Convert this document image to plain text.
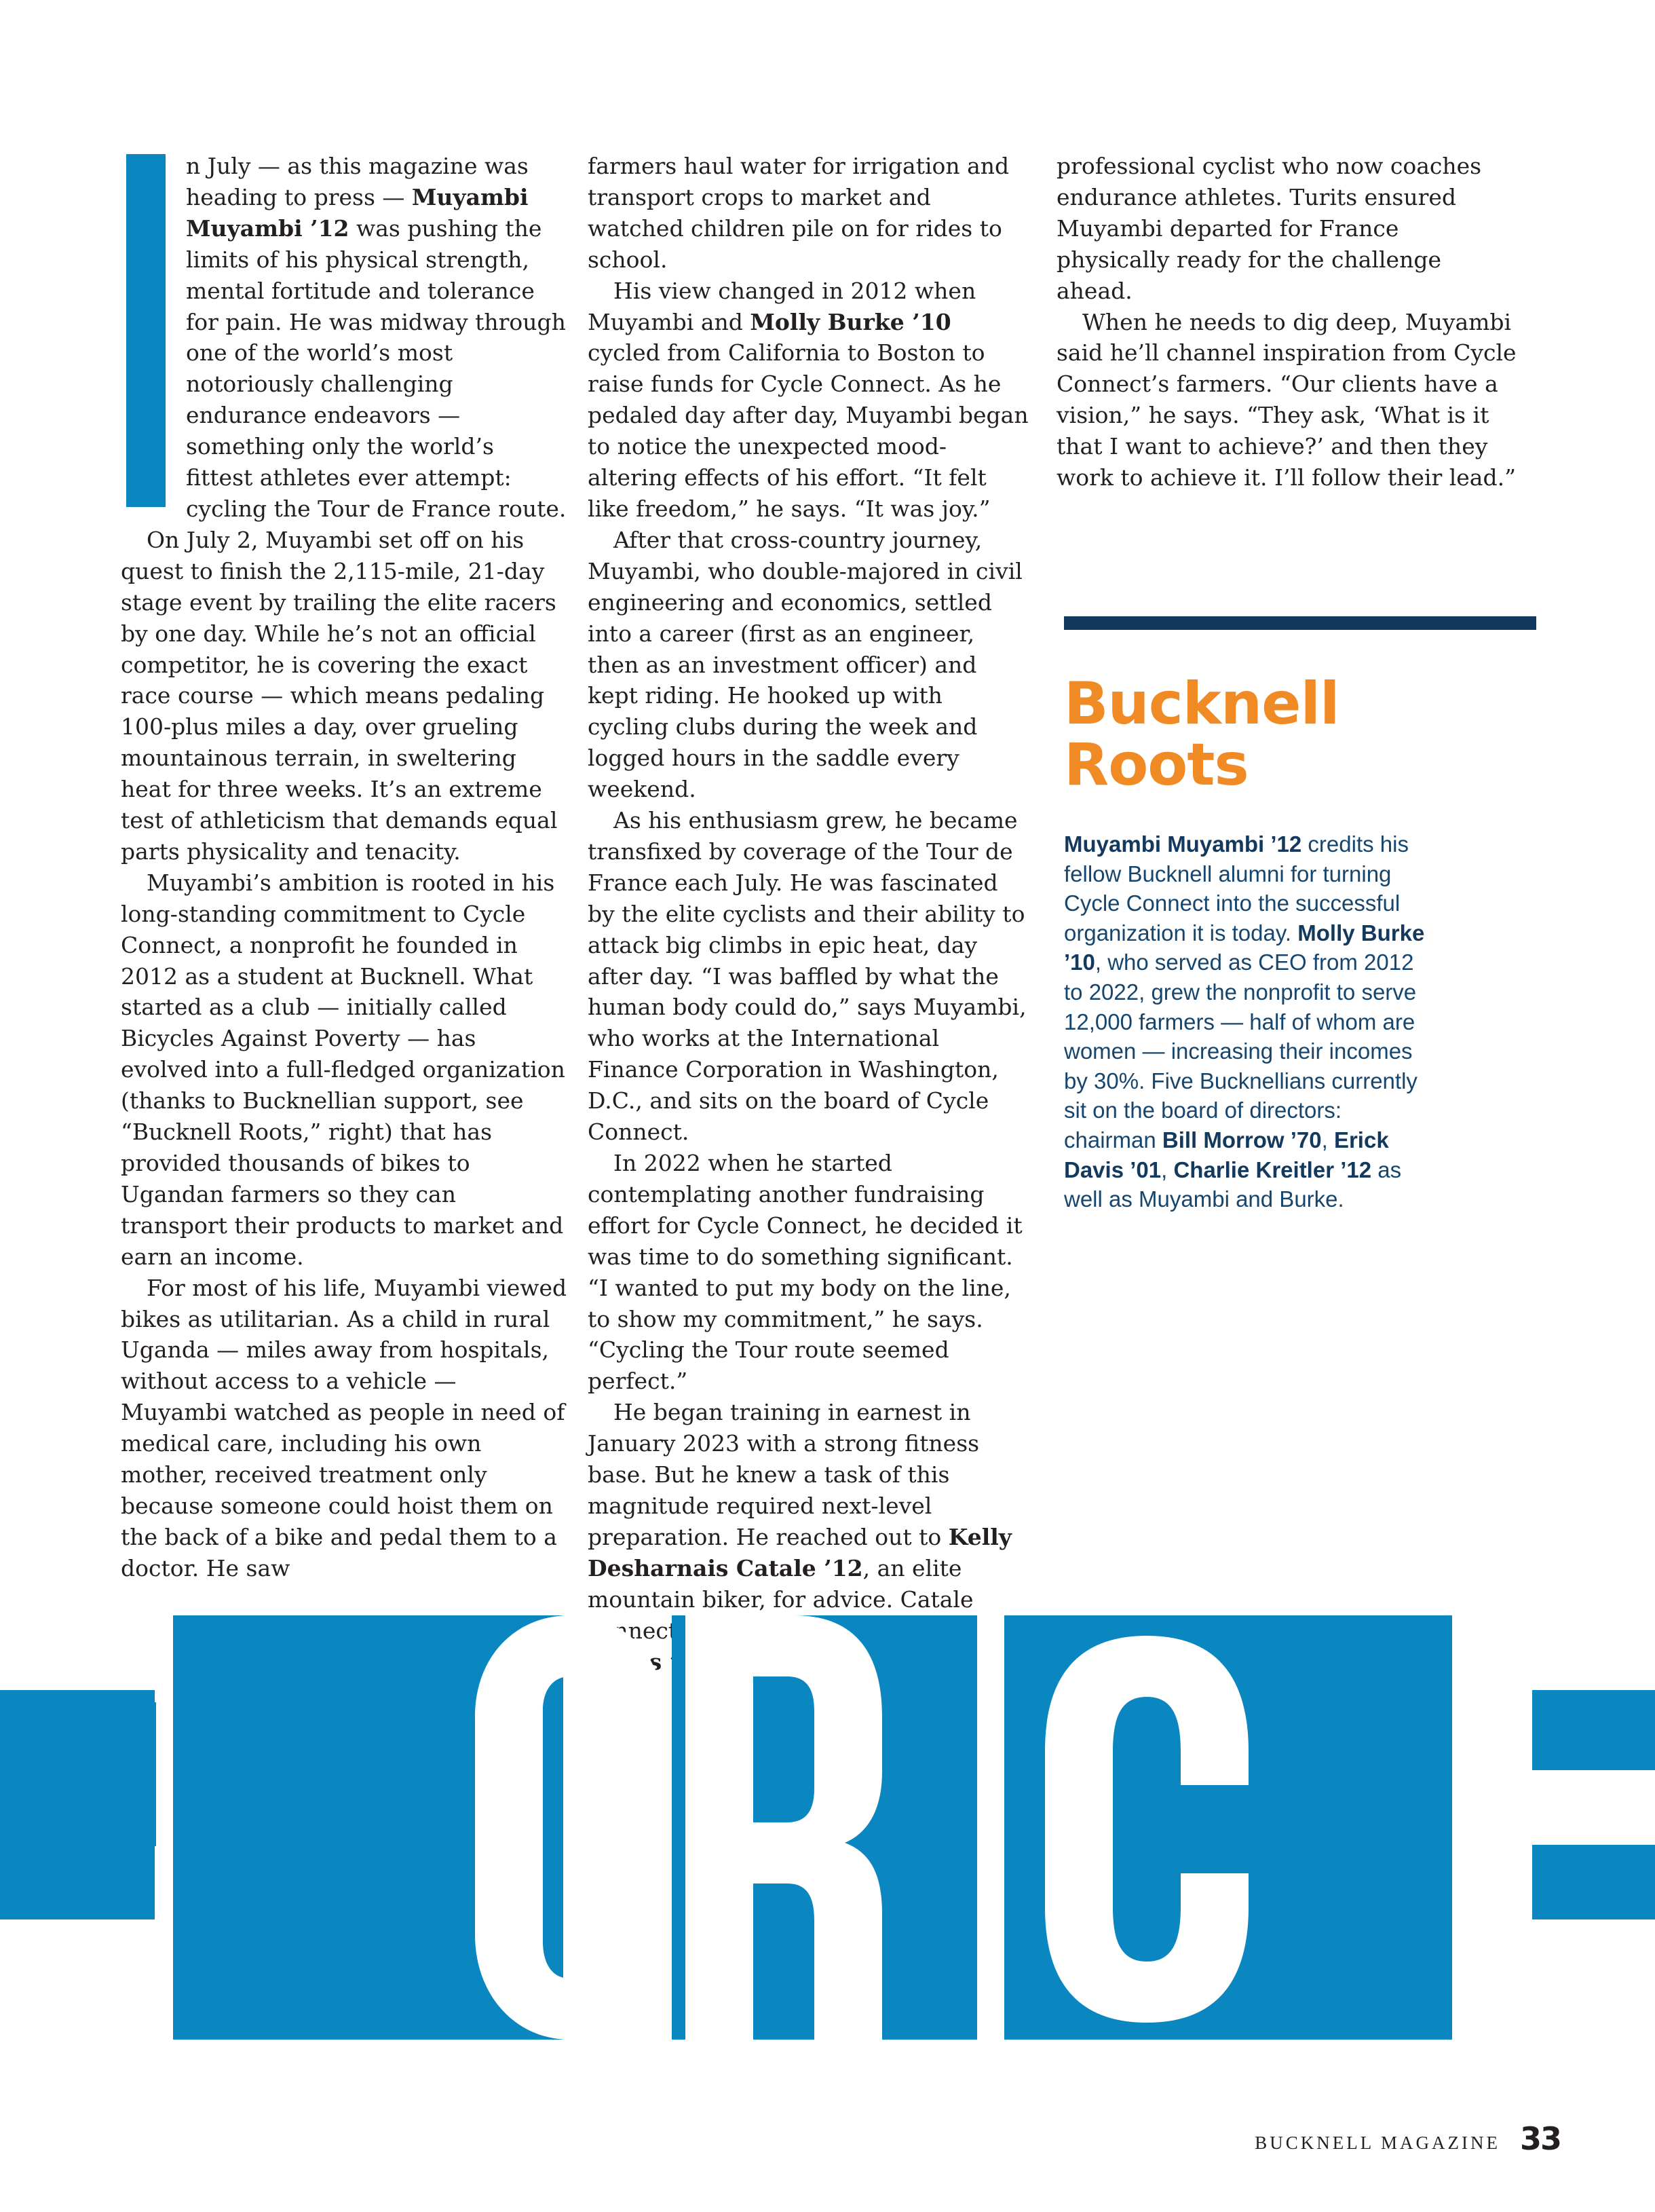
n July — as this magazine was heading to press — Muyambi Muyambi ’12 was pushing the limits of his physical strength, mental fortitude and tolerance for pain. He was midway through one of the world’s most notoriously challenging endurance endeavors — something only the world’s fittest athletes ever attempt: cycling the Tour de France route.

On July 2, Muyambi set off on his quest to finish the 2,115-mile, 21-day stage event by trailing the elite racers by one day. While he’s not an official competitor, he is covering the exact race course — which means pedaling 100-plus miles a day, over grueling mountainous terrain, in sweltering heat for three weeks. It’s an extreme test of athleticism that demands equal parts physicality and tenacity.

Muyambi’s ambition is rooted in his long-standing commitment to Cycle Connect, a nonprofit he founded in 2012 as a student at Bucknell. What started as a club — initially called Bicycles Against Poverty — has evolved into a full-fledged organization (thanks to Bucknellian support, see “Bucknell Roots,” right) that has provided thousands of bikes to Ugandan farmers so they can transport their products to market and earn an income.

For most of his life, Muyambi viewed bikes as utilitarian. As a child in rural Uganda — miles away from hospitals, without access to a vehicle — Muyambi watched as people in need of medical care, including his own mother, received treatment only because someone could hoist them on the back of a bike and pedal them to a doctor. He saw

farmers haul water for irrigation and transport crops to market and watched children pile on for rides to school.

His view changed in 2012 when Muyambi and Molly Burke ’10 cycled from California to Boston to raise funds for Cycle Connect. As he pedaled day after day, Muyambi began to notice the unexpected mood-altering effects of his effort. “It felt like freedom,” he says. “It was joy.”

After that cross-country journey, Muyambi, who double-majored in civil engineering and economics, settled into a career (first as an engineer, then as an investment officer) and kept riding. He hooked up with cycling clubs during the week and logged hours in the saddle every weekend.

As his enthusiasm grew, he became transfixed by coverage of the Tour de France each July. He was fascinated by the elite cyclists and their ability to attack big climbs in epic heat, day after day. “I was baffled by what the human body could do,” says Muyambi, who works at the International Finance Corporation in Washington, D.C., and sits on the board of Cycle Connect.

In 2022 when he started contemplating another fundraising effort for Cycle Connect, he decided it was time to do something significant. “I wanted to put my body on the line, to show my commitment,” he says. “Cycling the Tour route seemed perfect.”

He began training in earnest in January 2023 with a strong fitness base. But he knew a task of this magnitude required next-level preparation. He reached out to Kelly Desharnais Catale ’12, an elite mountain biker, for advice. Catale connected

professional cyclist who now coaches endurance athletes. Turits ensured Muyambi departed for France physically ready for the challenge ahead.

When he needs to dig deep, Muyambi said he’ll channel inspiration from Cycle Connect’s farmers. “Our clients have a vision,” he says. “They ask, ‘What is it that I want to achieve?’ and then they work to achieve it. I’ll follow their lead.”

Bucknell
Roots

Muyambi Muyambi ’12 credits his fellow Bucknell alumni for turning Cycle Connect into the successful organization it is today. Molly Burke ’10, who served as CEO from 2012 to 2022, grew the nonprofit to serve 12,000 farmers — half of whom are women — increasing their incomes by 30%. Five Bucknellians currently sit on the board of directors: chairman Bill Morrow ’70, Erick Davis ’01, Charlie Kreitler ’12 as well as Muyambi and Burke.

BUCKNELL MAGAZINE 33
